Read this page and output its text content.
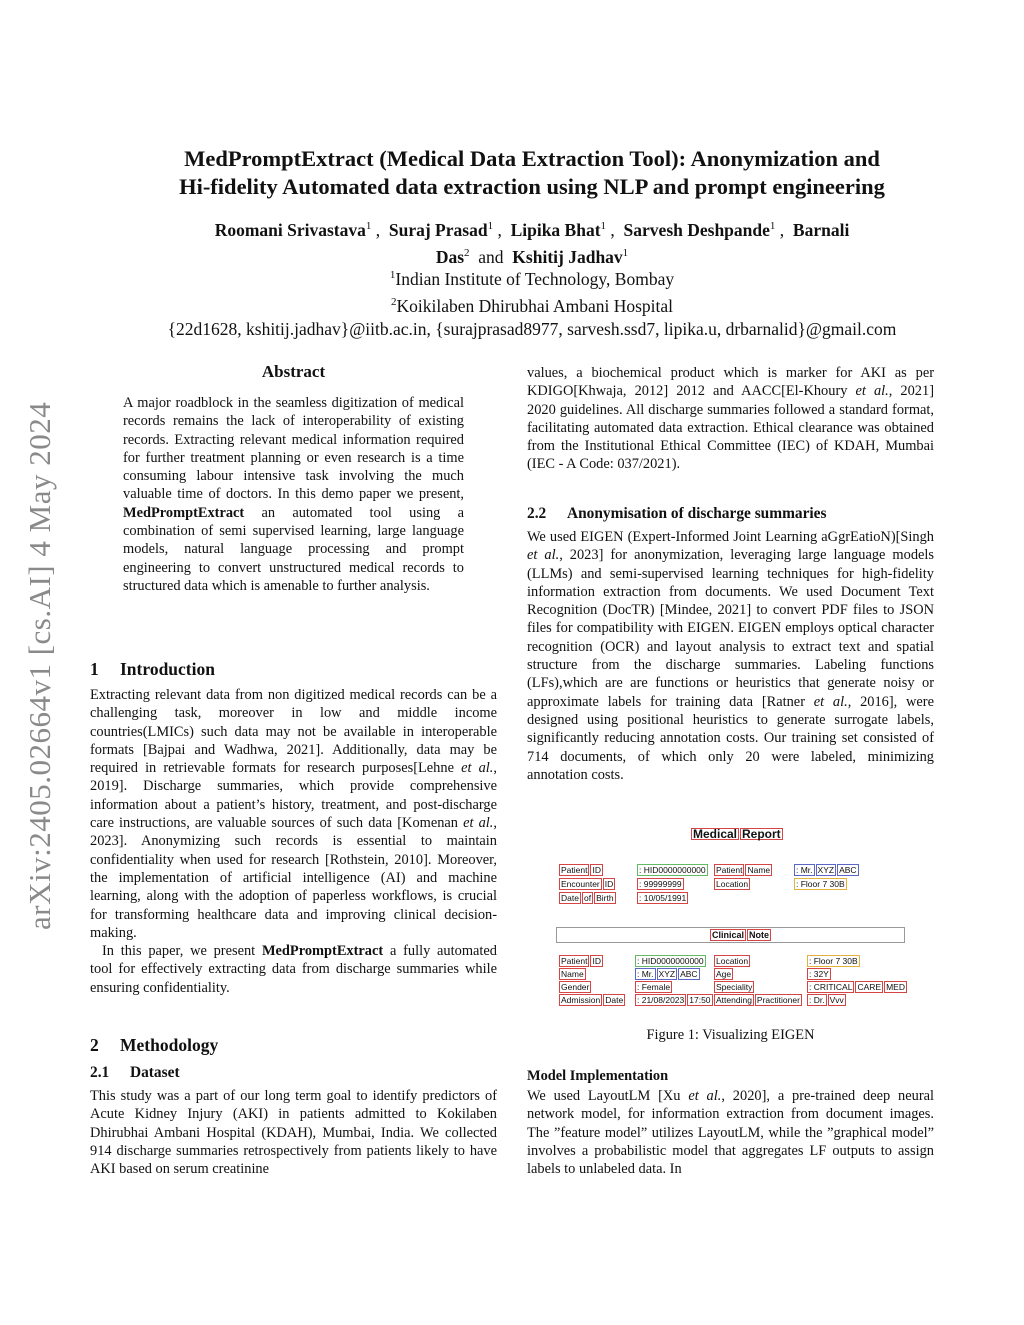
arXiv:2405.02664v1 [cs.AI] 4 May 2024
MedPromptExtract (Medical Data Extraction Tool): Anonymization and
Hi-fidelity Automated data extraction using NLP and prompt engineering
Roomani Srivastava$^1$ , Suraj Prasad$^1$ , Lipika Bhat$^1$ , Sarvesh Deshpande$^1$ , Barnali
Das$^2$ and Kshitij Jadhav$^1$
$^1$Indian Institute of Technology, Bombay
$^2$Koikilaben Dhirubhai Ambani Hospital
{22d1628, kshitij.jadhav}@iitb.ac.in, {surajprasad8977, sarvesh.ssd7, lipika.u, drbarnalid}@gmail.com
Abstract

A major roadblock in the seamless digitization of medical records remains the lack of interoperability of existing records. Extracting relevant medical information required for further treatment planning or even research is a time consuming labour intensive task involving the much valuable time of doctors. In this demo paper we present, MedPromptExtract an automated tool using a combination of semi supervised learning, large language models, natural language processing and prompt engineering to convert unstructured medical records to structured data which is amenable to further analysis.

1 Introduction

Extracting relevant data from non digitized medical records can be a challenging task, moreover in low and middle income countries(LMICs) such data may not be available in interoperable formats [Bajpai and Wadhwa, 2021]. Additionally, data may be required in retrievable formats for research purposes[Lehne et al., 2019]. Discharge summaries, which provide comprehensive information about a patient’s history, treatment, and post-discharge care instructions, are valuable sources of such data [Komenan et al., 2023]. Anonymizing such records is essential to maintain confidentiality when used for research [Rothstein, 2010]. Moreover, the implementation of artificial intelligence (AI) and machine learning, along with the adoption of paperless workflows, is crucial for transforming healthcare data and improving clinical decision-making.

In this paper, we present MedPromptExtract a fully automated tool for effectively extracting data from discharge summaries while ensuring confidentiality.

2 Methodology
2.1 Dataset

This study was a part of our long term goal to identify predictors of Acute Kidney Injury (AKI) in patients admitted to Kokilaben Dhirubhai Ambani Hospital (KDAH), Mumbai, India. We collected 914 discharge summaries retrospectively from patients likely to have AKI based on serum creatinine

values, a biochemical product which is marker for AKI as per KDIGO[Khwaja, 2012] 2012 and AACC[El-Khoury et al., 2021] 2020 guidelines. All discharge summaries followed a standard format, facilitating automated data extraction. Ethical clearance was obtained from the Institutional Ethical Committee (IEC) of KDAH, Mumbai (IEC - A Code: 037/2021).

2.2 Anonymisation of discharge summaries

We used EIGEN (Expert-Informed Joint Learning aGgrEatioN)[Singh et al., 2023] for anonymization, leveraging large language models (LLMs) and semi-supervised learning techniques for high-fidelity information extraction from documents. We used Document Text Recognition (DocTR) [Mindee, 2021] to convert PDF files to JSON files for compatibility with EIGEN. EIGEN employs optical character recognition (OCR) and layout analysis to extract text and spatial structure from the discharge summaries. Labeling functions (LFs),which are are functions or heuristics that generate noisy or approximate labels for training data [Ratner et al., 2016], were designed using positional heuristics to generate surrogate labels, significantly reducing annotation costs. Our training set consisted of 714 documents, of which only 20 were labeled, minimizing annotation costs.

Medical Report
Patient ID	: HID0000000000	Patient Name	: Mr. XYZ ABC
Encounter ID	: 99999999	Location	: Floor 7 30B
Date of Birth	: 10/05/1991
Clinical Note
Patient ID	: HID0000000000	Location	: Floor 7 30B
Name	: Mr. XYZ ABC	Age	: 32Y
Gender	: Female	Speciality	: CRITICAL CARE MED
Admission Date	: 21/08/2023 17:50 Attending Practitioner	: Dr. Vvv
Figure 1: Visualizing EIGEN
Model Implementation

We used LayoutLM [Xu et al., 2020], a pre-trained deep neural network model, for information extraction from document images. The ”feature model” utilizes LayoutLM, while the ”graphical model” involves a probabilistic model that aggregates LF outputs to assign labels to unlabeled data. In
